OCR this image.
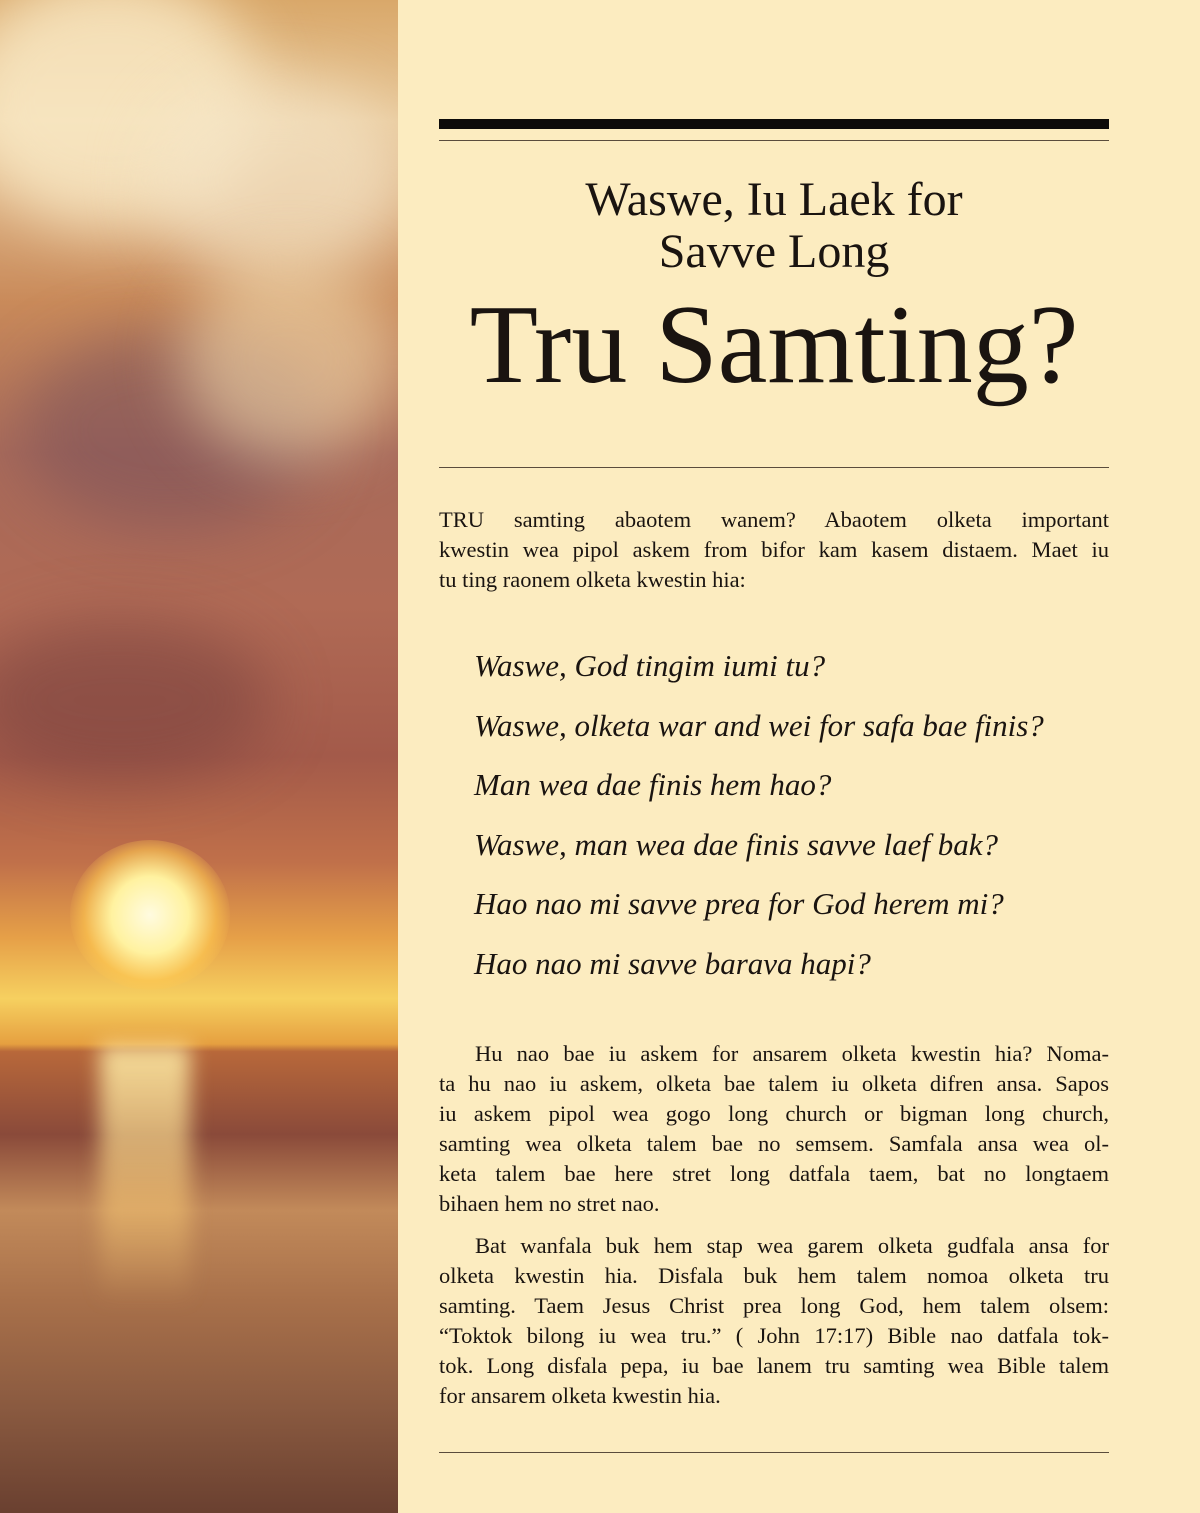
Waswe, Iu Laek for
Savve Long
Tru Samting?
TRU samting abaotem wanem? Abaotem olketa important
kwestin wea pipol askem from bifor kam kasem distaem. Maet iu
tu ting raonem olketa kwestin hia:
Waswe, God tingim iumi tu?
Waswe, olketa war and wei for safa bae finis?
Man wea dae finis hem hao?
Waswe, man wea dae finis savve laef bak?
Hao nao mi savve prea for God herem mi?
Hao nao mi savve barava hapi?
Hu nao bae iu askem for ansarem olketa kwestin hia? Noma-
ta hu nao iu askem, olketa bae talem iu olketa difren ansa. Sapos
iu askem pipol wea gogo long church or bigman long church,
samting wea olketa talem bae no semsem. Samfala ansa wea ol-
keta talem bae here stret long datfala taem, bat no longtaem
bihaen hem no stret nao.
Bat wanfala buk hem stap wea garem olketa gudfala ansa for
olketa kwestin hia. Disfala buk hem talem nomoa olketa tru
samting. Taem Jesus Christ prea long God, hem talem olsem:
“Toktok bilong iu wea tru.” ( John 17:17) Bible nao datfala tok-
tok. Long disfala pepa, iu bae lanem tru samting wea Bible talem
for ansarem olketa kwestin hia.
